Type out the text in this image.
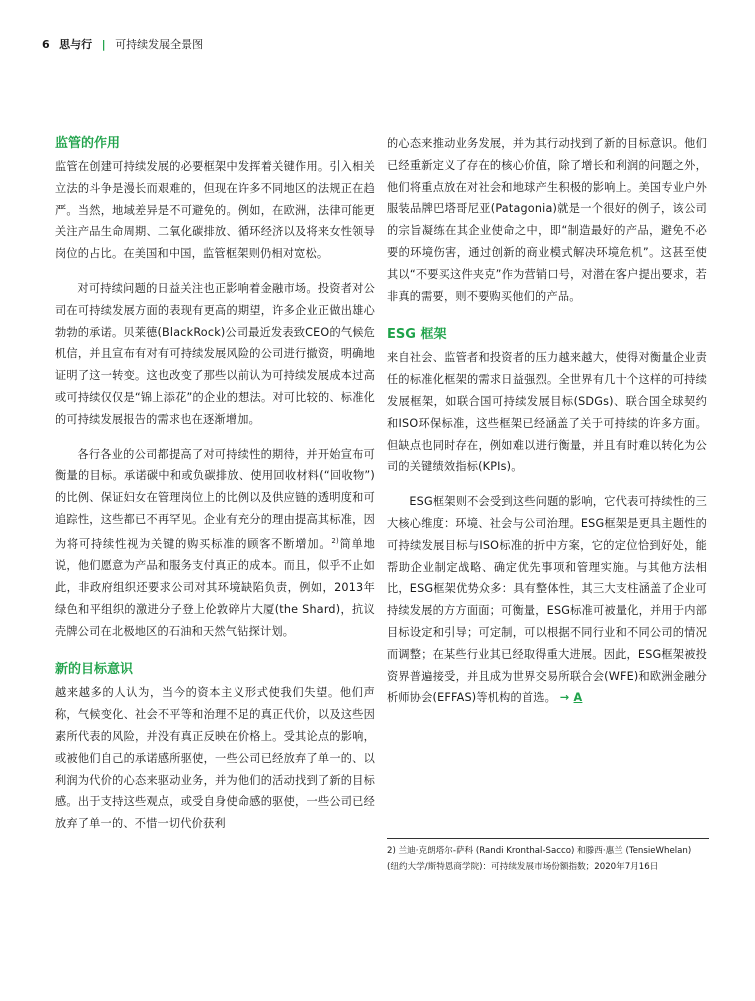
6 思与行 | 可持续发展全景图
监管的作用

监管在创建可持续发展的必要框架中发挥着关键作用。引入相关立法的斗争是漫长而艰难的，但现在许多不同地区的法规正在趋严。当然，地域差异是不可避免的。例如，在欧洲，法律可能更关注产品生命周期、二氧化碳排放、循环经济以及将来女性领导岗位的占比。在美国和中国，监管框架则仍相对宽松。

对可持续问题的日益关注也正影响着金融市场。投资者对公司在可持续发展方面的表现有更高的期望，许多企业正做出雄心勃勃的承诺。贝莱德(BlackRock)公司最近发表致CEO的气候危机信，并且宣布有对有可持续发展风险的公司进行撤资，明确地证明了这一转变。这也改变了那些以前认为可持续发展成本过高或可持续仅仅是“锦上添花”的企业的想法。对可比较的、标准化的可持续发展报告的需求也在逐渐增加。

各行各业的公司都提高了对可持续性的期待，并开始宣布可衡量的目标。承诺碳中和或负碳排放、使用回收材料(“回收物”)的比例、保证妇女在管理岗位上的比例以及供应链的透明度和可追踪性，这些都已不再罕见。企业有充分的理由提高其标准，因为将可持续性视为关键的购买标准的顾客不断增加。$^{2)}$简单地说，他们愿意为产品和服务支付真正的成本。而且，似乎不止如此，非政府组织还要求公司对其环境缺陷负责，例如，2013年绿色和平组织的激进分子登上伦敦碎片大厦(the Shard)，抗议壳牌公司在北极地区的石油和天然气钻探计划。

新的目标意识

越来越多的人认为，当今的资本主义形式使我们失望。他们声称，气候变化、社会不平等和治理不足的真正代价，以及这些因素所代表的风险，并没有真正反映在价格上。受其论点的影响，或被他们自己的承诺感所驱使，一些公司已经放弃了单一的、以利润为代价的心态来驱动业务，并为他们的活动找到了新的目标感。出于支持这些观点，或受自身使命感的驱使，一些公司已经放弃了单一的、不惜一切代价获利

的心态来推动业务发展，并为其行动找到了新的目标意识。他们已经重新定义了存在的核心价值，除了增长和利润的问题之外，他们将重点放在对社会和地球产生积极的影响上。美国专业户外服装品牌巴塔哥尼亚(Patagonia)就是一个很好的例子，该公司的宗旨凝练在其企业使命之中，即“制造最好的产品，避免不必要的环境伤害，通过创新的商业模式解决环境危机”。这甚至使其以“不要买这件夹克”作为营销口号，对潜在客户提出要求，若非真的需要，则不要购买他们的产品。

ESG 框架

来自社会、监管者和投资者的压力越来越大，使得对衡量企业责任的标准化框架的需求日益强烈。全世界有几十个这样的可持续发展框架，如联合国可持续发展目标(SDGs)、联合国全球契约和ISO环保标准，这些框架已经涵盖了关于可持续的许多方面。但缺点也同时存在，例如难以进行衡量，并且有时难以转化为公司的关键绩效指标(KPIs)。

ESG框架则不会受到这些问题的影响，它代表可持续性的三大核心维度：环境、社会与公司治理。ESG框架是更具主题性的可持续发展目标与ISO标准的折中方案，它的定位恰到好处，能帮助企业制定战略、确定优先事项和管理实施。与其他方法相比，ESG框架优势众多：具有整体性，其三大支柱涵盖了企业可持续发展的方方面面；可衡量，ESG标准可被量化，并用于内部目标设定和引导；可定制，可以根据不同行业和不同公司的情况而调整；在某些行业其已经取得重大进展。因此，ESG框架被投资界普遍接受，并且成为世界交易所联合会(WFE)和欧洲金融分析师协会(EFFAS)等机构的首选。 → A

2) 兰迪·克朗塔尔-萨科 (Randi Kronthal-Sacco) 和滕西·惠兰 (TensieWhelan)
(纽约大学/斯特恩商学院)：可持续发展市场份额指数；2020年7月16日
